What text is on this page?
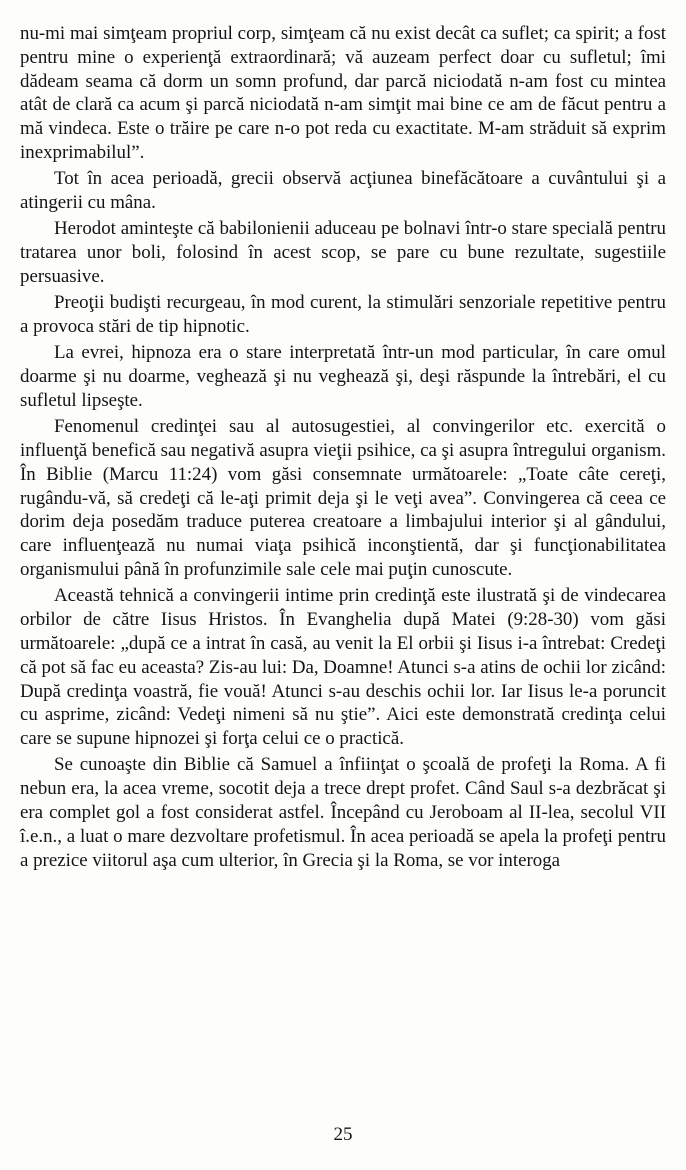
nu-mi mai simţeam propriul corp, simţeam că nu exist decât ca suflet; ca spirit; a fost pentru mine o experienţă extraordinară; vă auzeam perfect doar cu sufletul; îmi dădeam seama că dorm un somn profund, dar parcă niciodată n-am fost cu mintea atât de clară ca acum şi parcă niciodată n-am simţit mai bine ce am de făcut pentru a mă vindeca. Este o trăire pe care n-o pot reda cu exactitate. M-am străduit să exprim inexprimabilul”.

Tot în acea perioadă, grecii observă acţiunea binefăcătoare a cuvântului şi a atingerii cu mâna.

Herodot aminteşte că babilonienii aduceau pe bolnavi într-o stare specială pentru tratarea unor boli, folosind în acest scop, se pare cu bune rezultate, sugestiile persuasive.

Preoţii budişti recurgeau, în mod curent, la stimulări senzoriale repetitive pentru a provoca stări de tip hipnotic.

La evrei, hipnoza era o stare interpretată într-un mod particular, în care omul doarme şi nu doarme, veghează şi nu veghează şi, deşi răspunde la întrebări, el cu sufletul lipseşte.

Fenomenul credinţei sau al autosugestiei, al convingerilor etc. exercită o influenţă benefică sau negativă asupra vieţii psihice, ca şi asupra întregului organism. În Biblie (Marcu 11:24) vom găsi consemnate următoarele: „Toate câte cereţi, rugându-vă, să credeţi că le-aţi primit deja şi le veţi avea”. Convingerea că ceea ce dorim deja posedăm traduce puterea creatoare a limbajului interior şi al gândului, care influenţează nu numai viaţa psihică inconştientă, dar şi funcţionabilitatea organismului până în profunzimile sale cele mai puţin cunoscute.

Această tehnică a convingerii intime prin credinţă este ilustrată şi de vindecarea orbilor de către Iisus Hristos. În Evanghelia după Matei (9:28-30) vom găsi următoarele: „după ce a intrat în casă, au venit la El orbii şi Iisus i-a întrebat: Credeţi că pot să fac eu aceasta? Zis-au lui: Da, Doamne! Atunci s-a atins de ochii lor zicând: După credinţa voastră, fie vouă! Atunci s-au deschis ochii lor. Iar Iisus le-a poruncit cu asprime, zicând: Vedeţi nimeni să nu ştie”. Aici este demonstrată credinţa celui care se supune hipnozei şi forţa celui ce o practică.

Se cunoaşte din Biblie că Samuel a înfiinţat o şcoală de profeţi la Roma. A fi nebun era, la acea vreme, socotit deja a trece drept profet. Când Saul s-a dezbrăcat şi era complet gol a fost considerat astfel. Începând cu Jeroboam al II-lea, secolul VII î.e.n., a luat o mare dezvoltare profetismul. În acea perioadă se apela la profeţi pentru a prezice viitorul aşa cum ulterior, în Grecia şi la Roma, se vor interoga

25
